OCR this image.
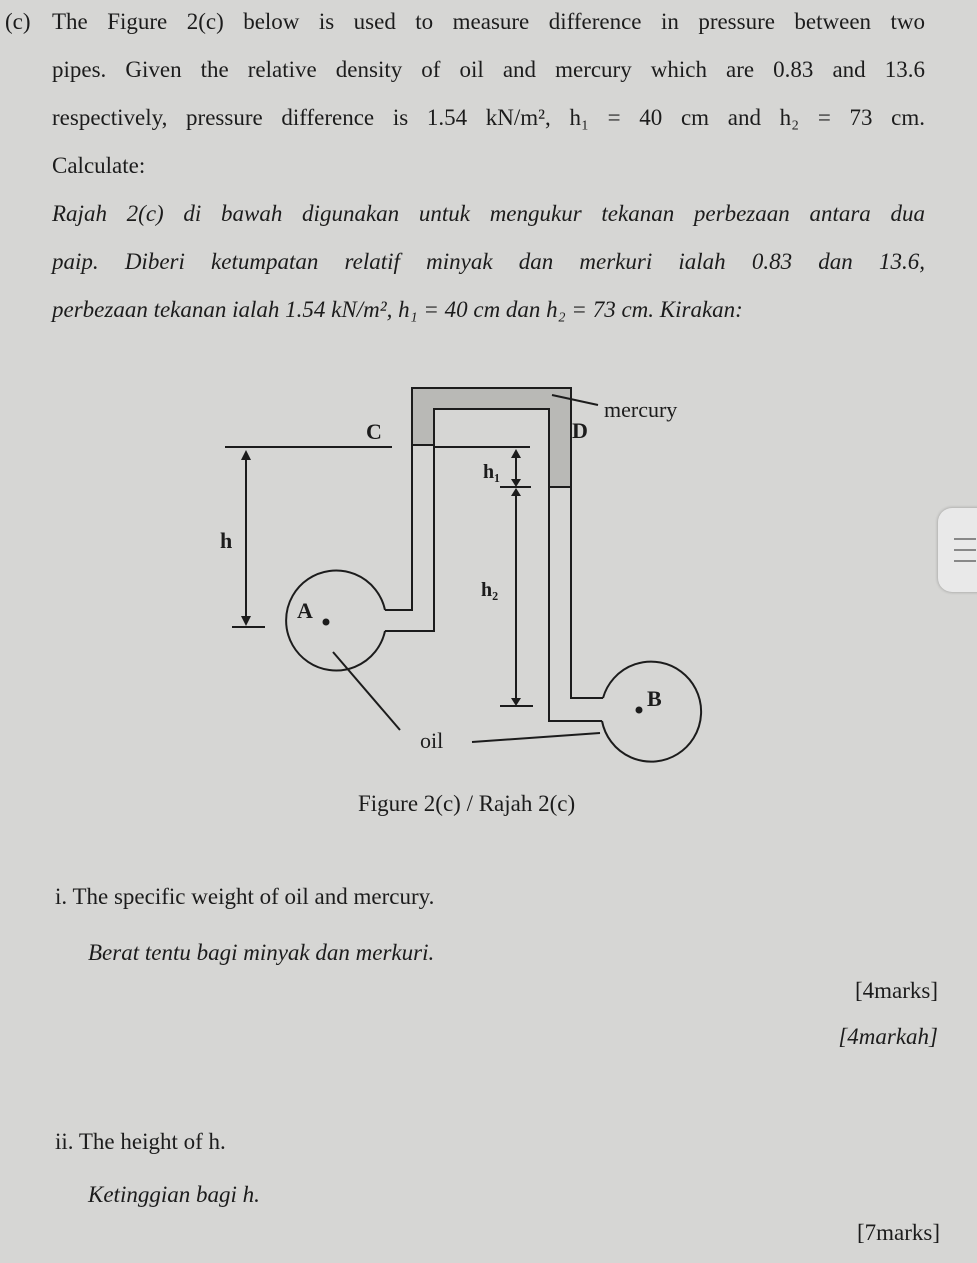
(c) The Figure 2(c) below is used to measure difference in pressure between two
pipes. Given the relative density of oil and mercury which are 0.83 and 13.6
respectively, pressure difference is 1.54 kN/m², h₁ = 40 cm and h₂ = 73 cm.
Calculate:
Rajah 2(c) di bawah digunakan untuk mengukur tekanan perbezaan antara dua
paip. Diberi ketumpatan relatif minyak dan merkuri ialah 0.83 dan 13.6,
perbezaan tekanan ialah 1.54 kN/m², h₁ = 40 cm dan h₂ = 73 cm. Kirakan:
mercury
C	D
h
h₁
h₂
A
B
oil
Figure 2(c) / Rajah 2(c)
i. The specific weight of oil and mercury.
Berat tentu bagi minyak dan merkuri.
[4marks]
[4markah]
ii. The height of h.
Ketinggian bagi h.
[7marks]
